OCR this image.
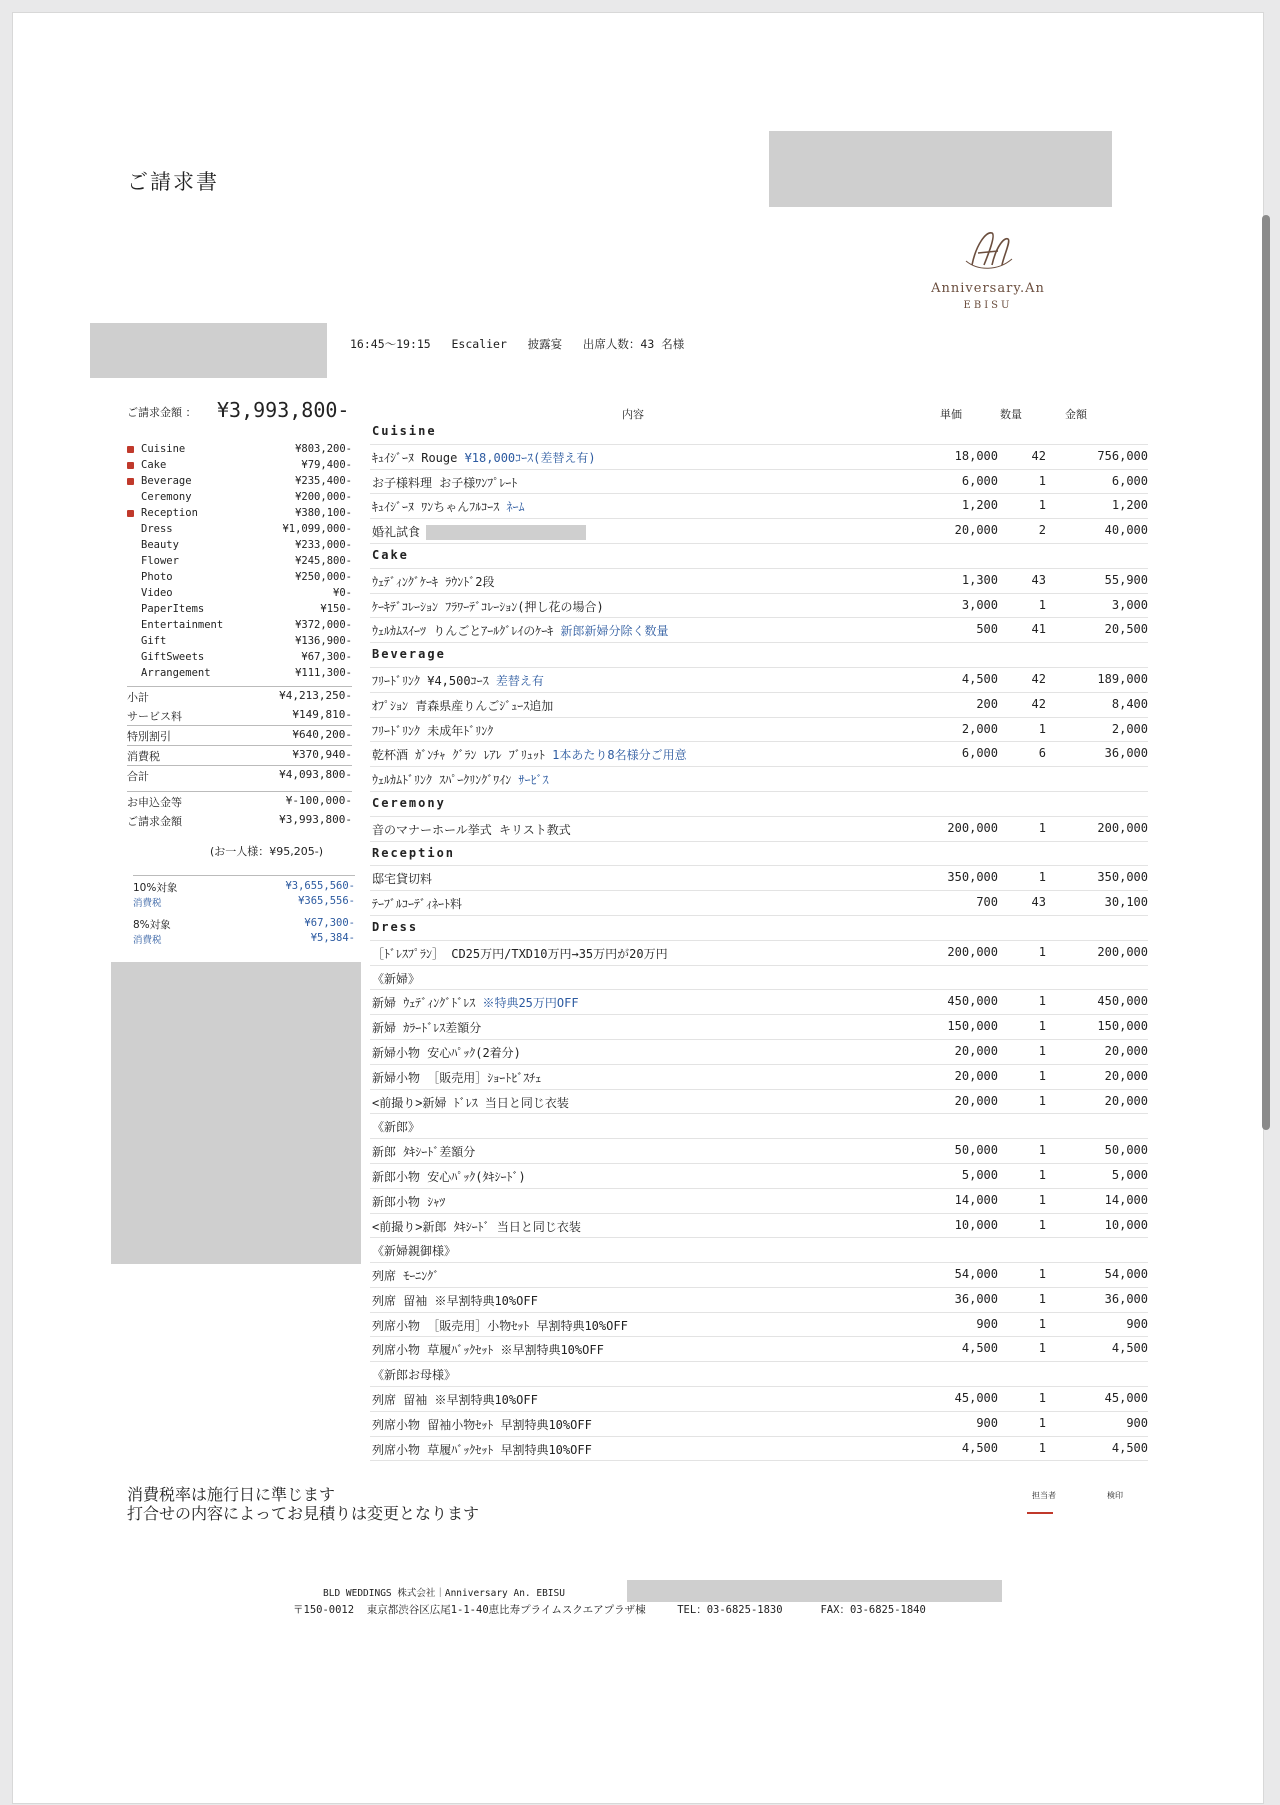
ご請求書
Anniversary.An
EBISU
16:45～19:15   Escalier   披露宴   出席人数：43 名様
ご請求金額 ： ¥3,993,800-
Cuisine	¥803,200-
Cake	¥79,400-
Beverage	¥235,400-
Ceremony	¥200,000-
Reception	¥380,100-
Dress	¥1,099,000-
Beauty	¥233,000-
Flower	¥245,800-
Photo	¥250,000-
Video	¥0-
PaperItems	¥150-
Entertainment	¥372,000-
Gift	¥136,900-
GiftSweets	¥67,300-
Arrangement	¥111,300-
小計	¥4,213,250-
サービス料	¥149,810-
特別割引	¥640,200-
消費税	¥370,940-
合計	¥4,093,800-
お申込金等	¥-100,000-
ご請求金額	¥3,993,800-
(お一人様：¥95,205-)
10%対象	¥3,655,560-
消費税	¥365,556-
8%対象	¥67,300-
消費税	¥5,384-
内容	単価	数量	金額
Cuisine
ｷｭｲｼﾞｰﾇ Rouge ¥18,000ｺｰｽ(差替え有)	18,000	42	756,000
お子様料理 お子様ﾜﾝﾌﾟﾚｰﾄ	6,000	1	6,000
ｷｭｲｼﾞｰﾇ ﾜﾝちゃんﾌﾙｺｰｽ ﾈｰﾑ	1,200	1	1,200
婚礼試食	20,000	2	40,000
Cake
ｳｪﾃﾞｨﾝｸﾞｹｰｷ ﾗｳﾝﾄﾞ2段	1,300	43	55,900
ｹｰｷﾃﾞｺﾚｰｼｮﾝ ﾌﾗﾜｰﾃﾞｺﾚｰｼｮﾝ(押し花の場合)	3,000	1	3,000
ｳｪﾙｶﾑｽｲｰﾂ りんごとｱｰﾙｸﾞﾚｲのｹｰｷ 新郎新婦分除く数量	500	41	20,500
Beverage
ﾌﾘｰﾄﾞﾘﾝｸ ¥4,500ｺｰｽ 差替え有	4,500	42	189,000
ｵﾌﾟｼｮﾝ 青森県産りんごｼﾞｭｰｽ追加	200	42	8,400
ﾌﾘｰﾄﾞﾘﾝｸ 未成年ﾄﾞﾘﾝｸ	2,000	1	2,000
乾杯酒 ｶﾞﾝﾁｬ ｸﾞﾗﾝ ﾚｱﾚ ﾌﾞﾘｭｯﾄ 1本あたり8名様分ご用意	6,000	6	36,000
ｳｪﾙｶﾑﾄﾞﾘﾝｸ ｽﾊﾟｰｸﾘﾝｸﾞﾜｲﾝ ｻｰﾋﾞｽ
Ceremony
音のマナーホール挙式 キリスト教式	200,000	1	200,000
Reception
邸宅貸切料	350,000	1	350,000
ﾃｰﾌﾞﾙｺｰﾃﾞｨﾈｰﾄ料	700	43	30,100
Dress
［ﾄﾞﾚｽﾌﾟﾗﾝ］ CD25万円/TXD10万円→35万円が20万円	200,000	1	200,000
《新婦》
新婦 ｳｪﾃﾞｨﾝｸﾞﾄﾞﾚｽ ※特典25万円OFF	450,000	1	450,000
新婦 ｶﾗｰﾄﾞﾚｽ差額分	150,000	1	150,000
新婦小物 安心ﾊﾟｯｸ(2着分)	20,000	1	20,000
新婦小物 ［販売用］ｼｮｰﾄﾋﾞｽﾁｪ	20,000	1	20,000
<前撮り>新婦 ﾄﾞﾚｽ 当日と同じ衣装	20,000	1	20,000
《新郎》
新郎 ﾀｷｼｰﾄﾞ差額分	50,000	1	50,000
新郎小物 安心ﾊﾟｯｸ(ﾀｷｼｰﾄﾞ)	5,000	1	5,000
新郎小物 ｼｬﾂ	14,000	1	14,000
<前撮り>新郎 ﾀｷｼｰﾄﾞ 当日と同じ衣装	10,000	1	10,000
《新婦親御様》
列席 ﾓｰﾆﾝｸﾞ	54,000	1	54,000
列席 留袖 ※早割特典10%OFF	36,000	1	36,000
列席小物 ［販売用］小物ｾｯﾄ 早割特典10%OFF	900	1	900
列席小物 草履ﾊﾞｯｸｾｯﾄ ※早割特典10%OFF	4,500	1	4,500
《新郎お母様》
列席 留袖 ※早割特典10%OFF	45,000	1	45,000
列席小物 留袖小物ｾｯﾄ 早割特典10%OFF	900	1	900
列席小物 草履ﾊﾞｯｸｾｯﾄ 早割特典10%OFF	4,500	1	4,500
消費税率は施行日に準じます
打合せの内容によってお見積りは変更となります
担当者	検印
BLD WEDDINGS 株式会社｜Anniversary An. EBISU
〒150-0012  東京都渋谷区広尾1-1-40恵比寿プライムスクエアプラザ棟     TEL：03-6825-1830      FAX：03-6825-1840
